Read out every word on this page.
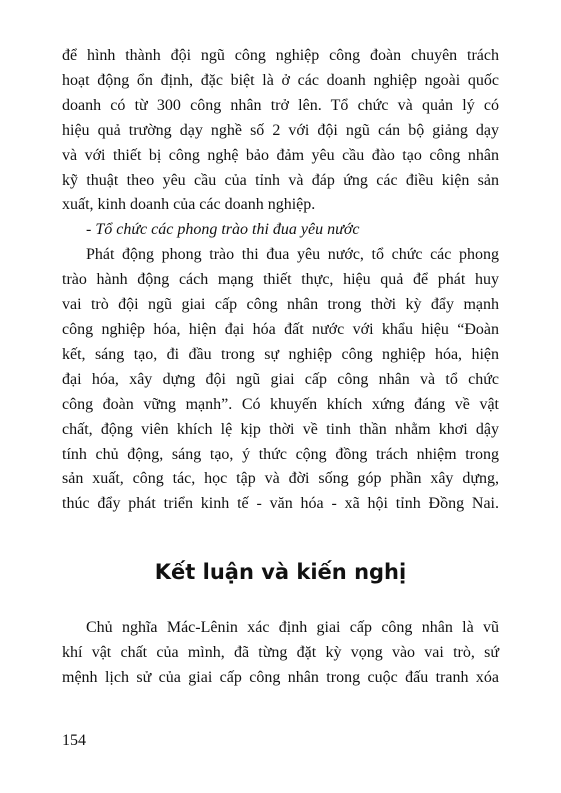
để hình thành đội ngũ công nghiệp công đoàn chuyên trách

hoạt động ổn định, đặc biệt là ở các doanh nghiệp ngoài quốc

doanh có từ 300 công nhân trở lên. Tổ chức và quản lý có

hiệu quả trường dạy nghề số 2 với đội ngũ cán bộ giảng dạy

và với thiết bị công nghệ bảo đảm yêu cầu đào tạo công nhân

kỹ thuật theo yêu cầu của tỉnh và đáp ứng các điều kiện sản

xuất, kinh doanh của các doanh nghiệp.

- Tổ chức các phong trào thi đua yêu nước

Phát động phong trào thi đua yêu nước, tổ chức các phong

trào hành động cách mạng thiết thực, hiệu quả để phát huy

vai trò đội ngũ giai cấp công nhân trong thời kỳ đẩy mạnh

công nghiệp hóa, hiện đại hóa đất nước với khẩu hiệu “Đoàn

kết, sáng tạo, đi đầu trong sự nghiệp công nghiệp hóa, hiện

đại hóa, xây dựng đội ngũ giai cấp công nhân và tổ chức

công đoàn vững mạnh”. Có khuyến khích xứng đáng về vật

chất, động viên khích lệ kịp thời về tinh thần nhằm khơi dậy

tính chủ động, sáng tạo, ý thức cộng đồng trách nhiệm trong

sản xuất, công tác, học tập và đời sống góp phần xây dựng,

thúc đẩy phát triển kinh tế - văn hóa - xã hội tỉnh Đồng Nai.

Kết luận và kiến nghị

Chủ nghĩa Mác-Lênin xác định giai cấp công nhân là vũ

khí vật chất của mình, đã từng đặt kỳ vọng vào vai trò, sứ

mệnh lịch sử của giai cấp công nhân trong cuộc đấu tranh xóa

154
